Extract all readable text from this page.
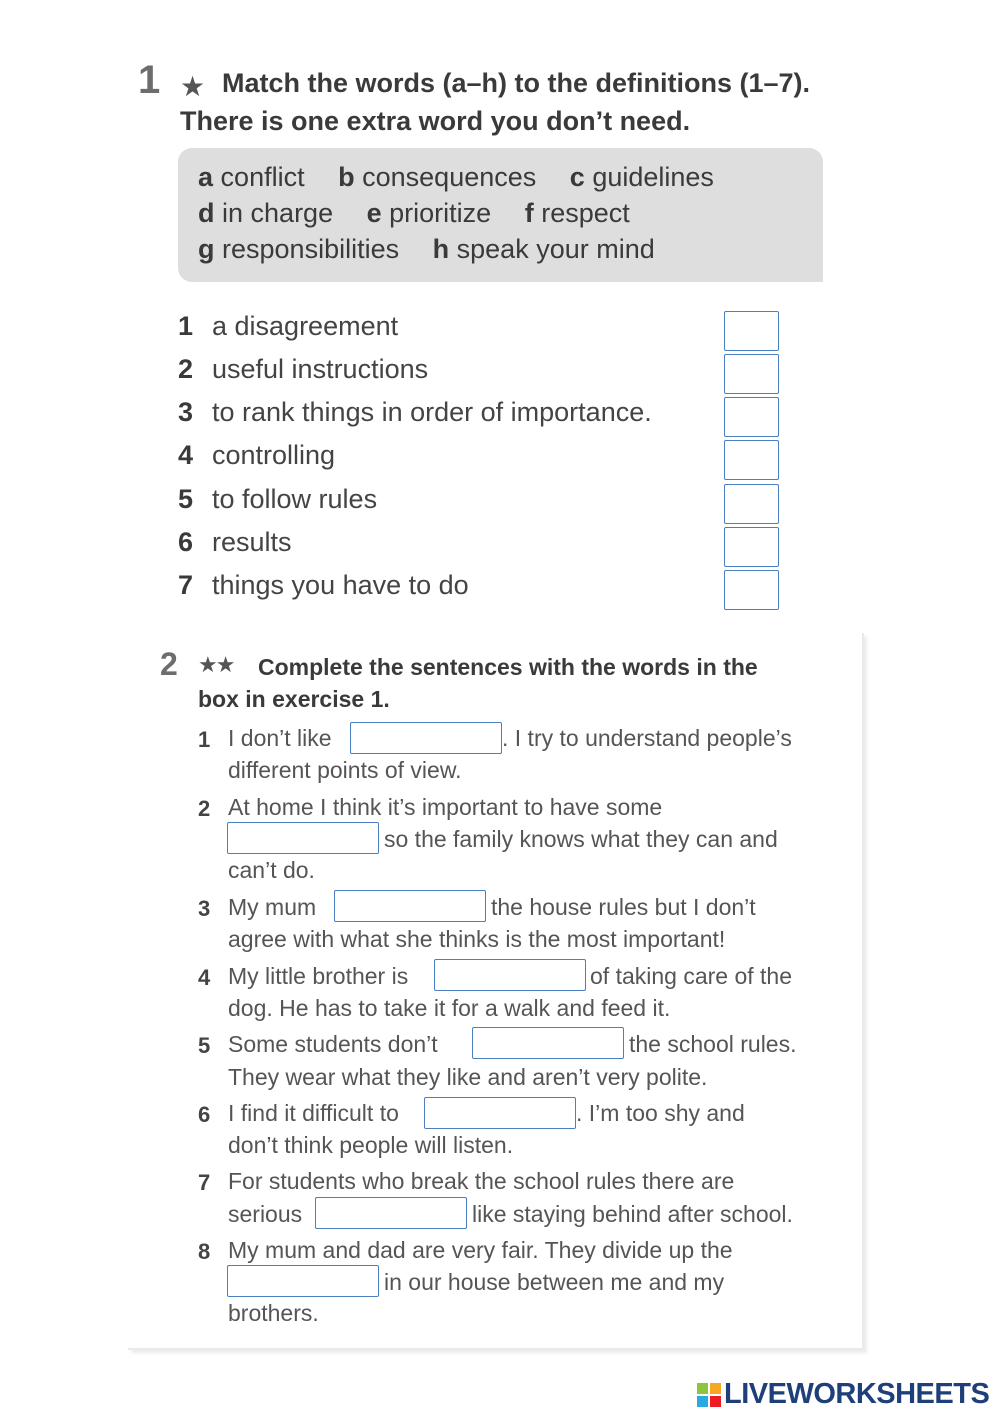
1 ★ Match the words (a–h) to the definitions (1–7).
There is one extra word you don’t need.
a conflict b consequences c guidelines
d in charge e prioritize f respect
g responsibilities h speak your mind
1 a disagreement
2 useful instructions
3 to rank things in order of importance.
4 controlling
5 to follow rules
6 results
7 things you have to do
2 ★★ Complete the sentences with the words in the
box in exercise 1.
1 I don’t like	. I try to understand people’s
different points of view.
2 At home I think it’s important to have some
so the family knows what they can and
can’t do.
3 My mum	the house rules but I don’t
agree with what she thinks is the most important!
4 My little brother is	of taking care of the
dog. He has to take it for a walk and feed it.
5 Some students don’t	the school rules.
They wear what they like and aren’t very polite.
6 I find it difficult to	. I’m too shy and
don’t think people will listen.
7 For students who break the school rules there are
serious	like staying behind after school.
8 My mum and dad are very fair. They divide up the
in our house between me and my
brothers.
LIVEWORKSHEETS
